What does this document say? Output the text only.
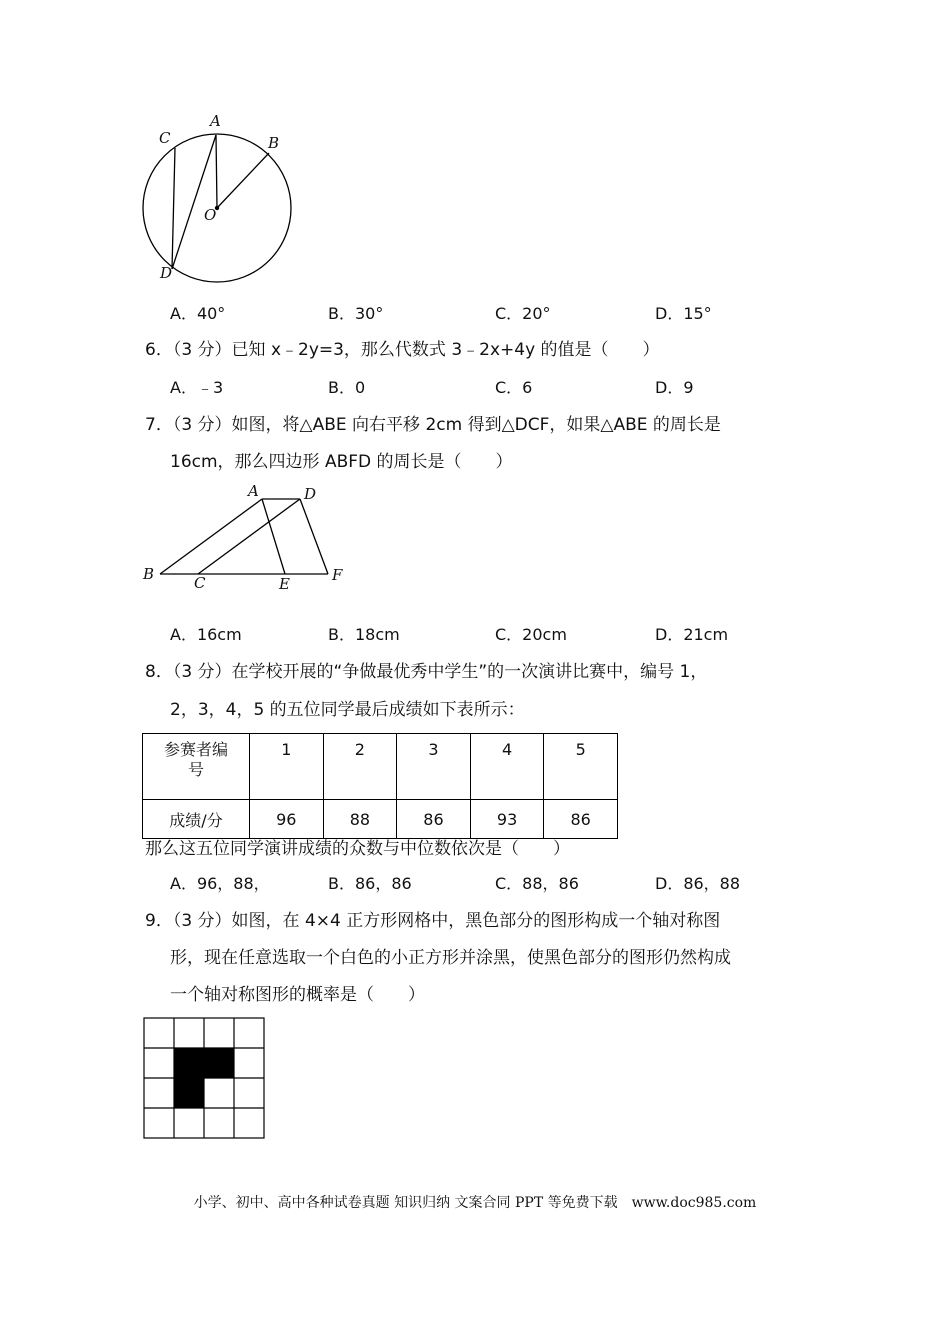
A
B
C
D
O
A．40°	B．30°	C．20°	D．15°
6．（3 分）已知 x﹣2y=3，那么代数式 3﹣2x+4y 的值是（　　）
A．﹣3	B．0	C．6	D．9
7．（3 分）如图，将△ABE 向右平移 2cm 得到△DCF，如果△ABE 的周长是
16cm，那么四边形 ABFD 的周长是（　　）
A	D
B	C	E	F
A．16cm	B．18cm	C．20cm	D．21cm
8．（3 分）在学校开展的“争做最优秀中学生”的一次演讲比赛中，编号 1，
2，3，4，5 的五位同学最后成绩如下表所示：
参赛者编
号	1	2	3	4	5
成绩/分	96	88	86	93	86
那么这五位同学演讲成绩的众数与中位数依次是（　　）
A．96，88，	B．86，86	C．88，86	D．86，88
9．（3 分）如图，在 4×4 正方形网格中，黑色部分的图形构成一个轴对称图
形，现在任意选取一个白色的小正方形并涂黑，使黑色部分的图形仍然构成
一个轴对称图形的概率是（　　）
小学、初中、高中各种试卷真题 知识归纳 文案合同 PPT 等免费下载　www.doc985.com
